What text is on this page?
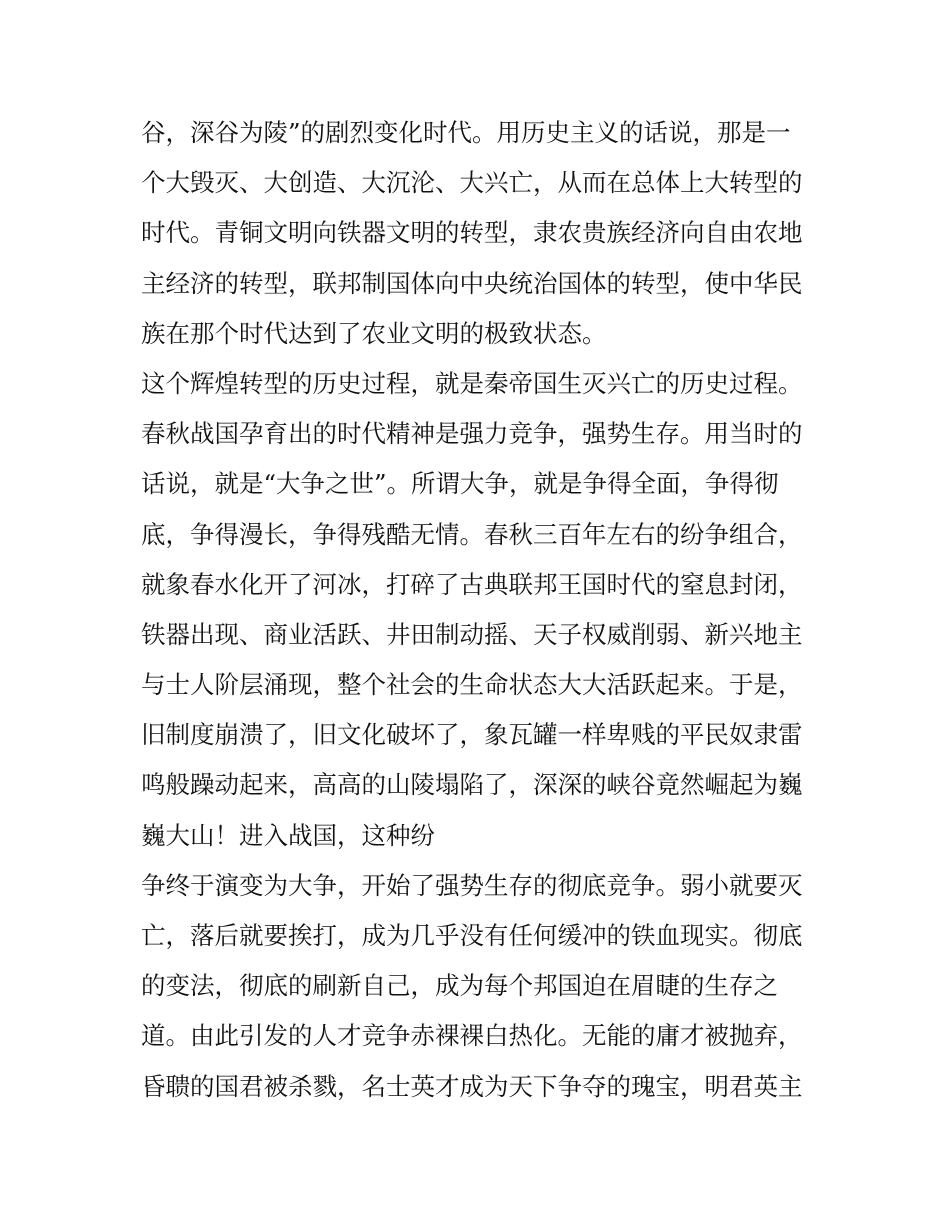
谷，深谷为陵”的剧烈变化时代。用历史主义的话说，那是一
个大毁灭、大创造、大沉沦、大兴亡，从而在总体上大转型的
时代。青铜文明向铁器文明的转型，隶农贵族经济向自由农地
主经济的转型，联邦制国体向中央统治国体的转型，使中华民
族在那个时代达到了农业文明的极致状态。
这个辉煌转型的历史过程，就是秦帝国生灭兴亡的历史过程。
春秋战国孕育出的时代精神是强力竞争，强势生存。用当时的
话说，就是“大争之世”。所谓大争，就是争得全面，争得彻
底，争得漫长，争得残酷无情。春秋三百年左右的纷争组合，
就象春水化开了河冰，打碎了古典联邦王国时代的窒息封闭，
铁器出现、商业活跃、井田制动摇、天子权威削弱、新兴地主
与士人阶层涌现，整个社会的生命状态大大活跃起来。于是，
旧制度崩溃了，旧文化破坏了，象瓦罐一样卑贱的平民奴隶雷
鸣般躁动起来，高高的山陵塌陷了，深深的峡谷竟然崛起为巍
巍大山！进入战国，这种纷
争终于演变为大争，开始了强势生存的彻底竞争。弱小就要灭
亡，落后就要挨打，成为几乎没有任何缓冲的铁血现实。彻底
的变法，彻底的刷新自己，成为每个邦国迫在眉睫的生存之
道。由此引发的人才竞争赤裸裸白热化。无能的庸才被抛弃，
昏聩的国君被杀戮，名士英才成为天下争夺的瑰宝，明君英主
